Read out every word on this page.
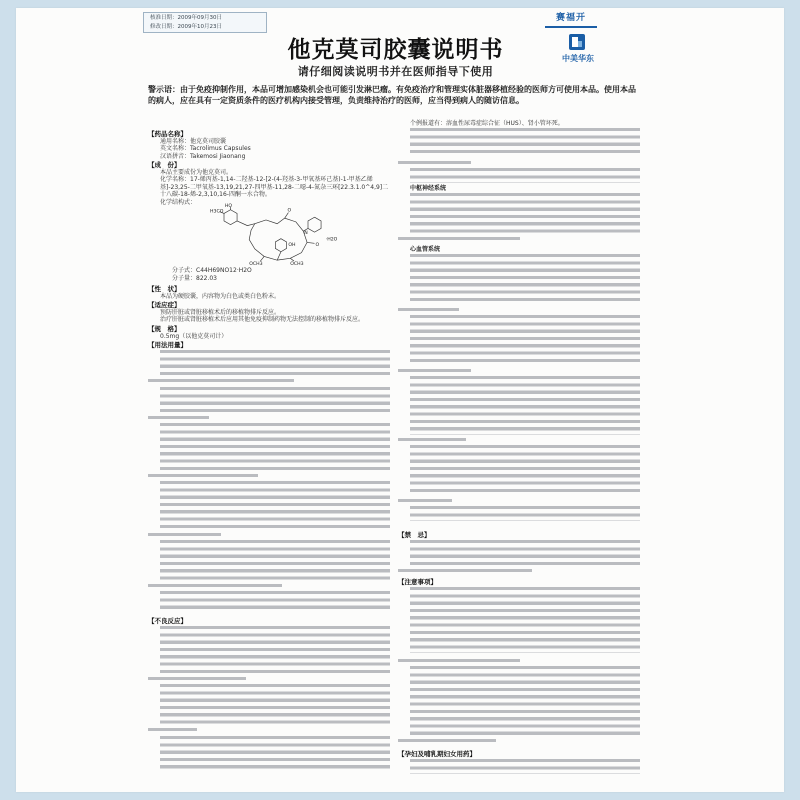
核准日期：2009年09月30日
修改日期：2009年10月23日
赛福开
中美华东
他克莫司胶囊说明书
请仔细阅读说明书并在医师指导下使用
警示语：由于免疫抑制作用，本品可增加感染机会也可能引发淋巴瘤。有免疫治疗和管理实体脏器移植经验的医师方可使用本品。使用本品的病人，应在具有一定资质条件的医疗机构内接受管理，负责维持治疗的医师，应当得到病人的随访信息。
【药品名称】
通用名称：他克莫司胶囊
英文名称：Tacrolimus Capsules
汉语拼音：Takemosi Jiaonang
【成　份】
本品主要成份为他克莫司。
化学名称：17-烯丙基-1,14-二羟基-12-[2-(4-羟基-3-甲氧基环己基)-1-甲基乙烯基]-23,25-二甲氧基-13,19,21,27-四甲基-11,28-二噁-4-氮杂三环[22.3.1.0^4,9]二十八碳-18-烯-2,3,10,16-四酮一水合物。
化学结构式：
HO
H3CO	O
N
O
OH
OCH3	OCH3
·H2O
分子式：C44H69NO12·H2O
分子量：822.03
【性　状】
本品为硬胶囊，内容物为白色或类白色粉末。
【适应症】
预防肝脏或肾脏移植术后的移植物排斥反应。
治疗肝脏或肾脏移植术后应用其他免疫抑制药物无法控制的移植物排斥反应。
【规　格】
0.5mg（以他克莫司计）
【用法用量】
【不良反应】
个例报道有：溶血性尿毒症综合征（HUS）、肾小管坏死。
中枢神经系统
心血管系统
【禁　忌】
【注意事项】
【孕妇及哺乳期妇女用药】
